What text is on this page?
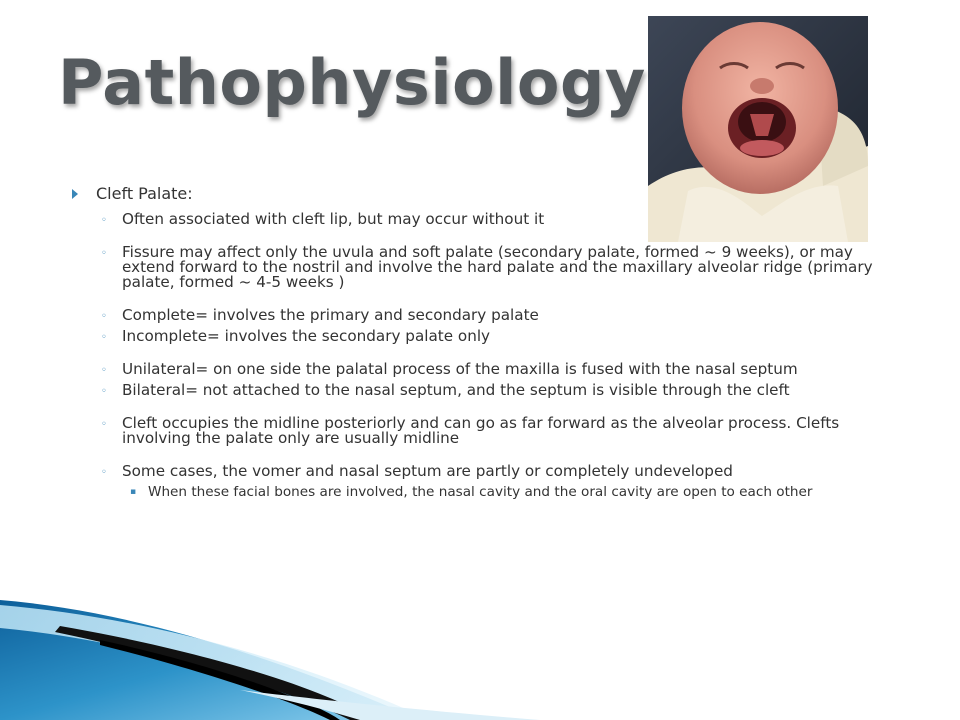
Pathophysiology

Cleft Palate:

◦ Often associated with cleft lip, but may occur without it

◦ Fissure may affect only the uvula and soft palate (secondary palate, formed ~ 9 weeks), or may extend forward to the nostril and involve the hard palate and the maxillary alveolar ridge (primary palate, formed ~ 4-5 weeks )

◦ Complete= involves the primary and secondary palate

◦ Incomplete= involves the secondary palate only

◦ Unilateral= on one side the palatal process of the maxilla is fused with the nasal septum

◦ Bilateral= not attached to the nasal septum, and the septum is visible through the cleft

◦ Cleft occupies the midline posteriorly and can go as far forward as the alveolar process. Clefts involving the palate only are usually midline

◦ Some cases, the vomer and nasal septum are partly or completely undeveloped

▪ When these facial bones are involved, the nasal cavity and the oral cavity are open to each other
